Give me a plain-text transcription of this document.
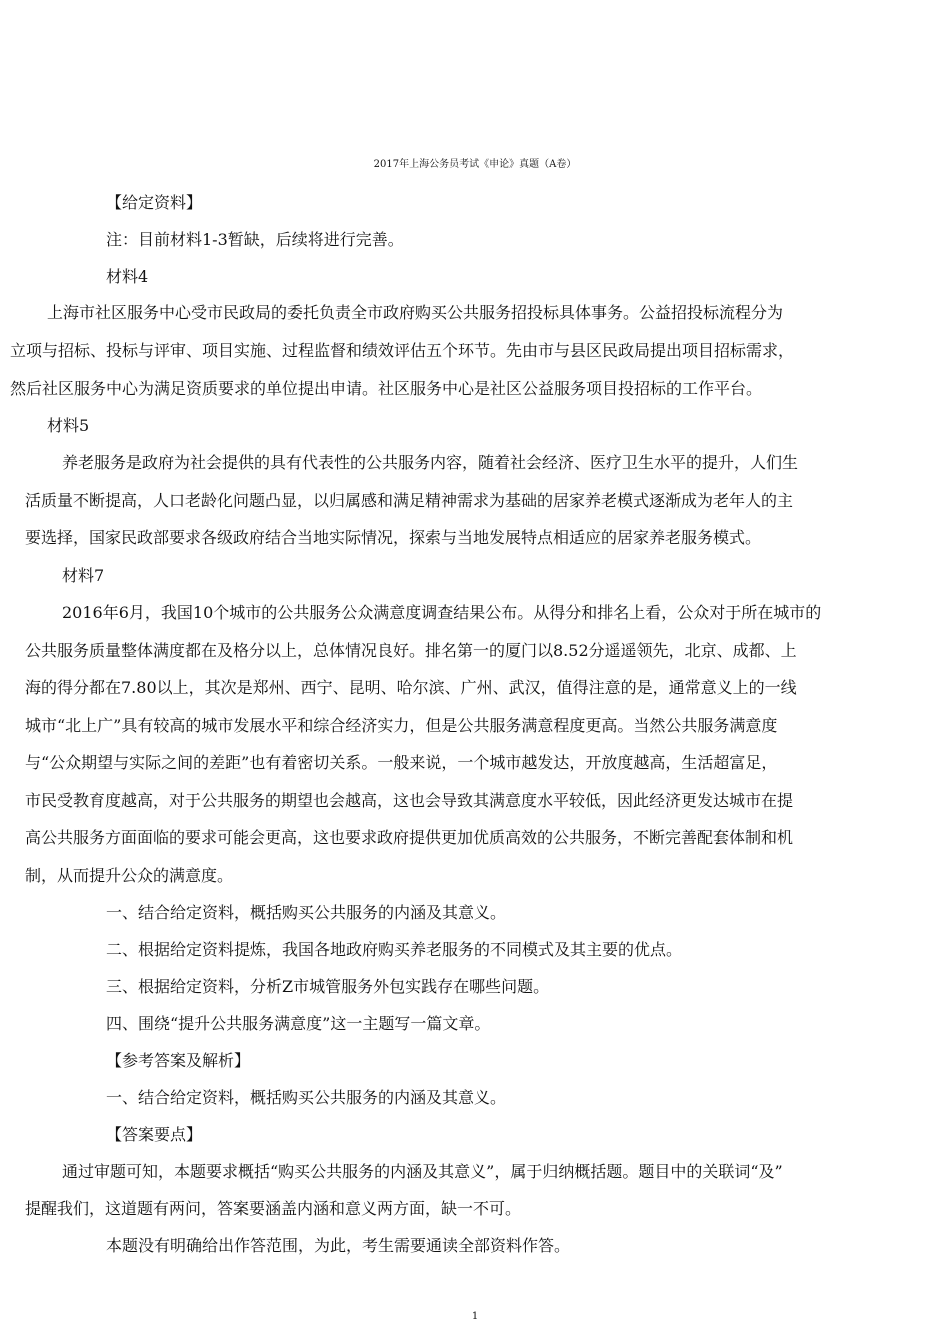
2017年上海公务员考试《申论》真题（A卷）
【给定资料】
注：目前材料1-3暂缺，后续将进行完善。
材料4
上海市社区服务中心受市民政局的委托负责全市政府购买公共服务招投标具体事务。公益招投标流程分为
立项与招标、投标与评审、项目实施、过程监督和绩效评估五个环节。先由市与县区民政局提出项目招标需求，
然后社区服务中心为满足资质要求的单位提出申请。社区服务中心是社区公益服务项目投招标的工作平台。
材料5
养老服务是政府为社会提供的具有代表性的公共服务内容，随着社会经济、医疗卫生水平的提升，人们生
活质量不断提高，人口老龄化问题凸显，以归属感和满足精神需求为基础的居家养老模式逐渐成为老年人的主
要选择，国家民政部要求各级政府结合当地实际情况，探索与当地发展特点相适应的居家养老服务模式。
材料7
2016年6月，我国10个城市的公共服务公众满意度调查结果公布。从得分和排名上看，公众对于所在城市的
公共服务质量整体满度都在及格分以上，总体情况良好。排名第一的厦门以8.52分遥遥领先，北京、成都、上
海的得分都在7.80以上，其次是郑州、西宁、昆明、哈尔滨、广州、武汉，值得注意的是，通常意义上的一线
城市“北上广”具有较高的城市发展水平和综合经济实力，但是公共服务满意程度更高。当然公共服务满意度
与“公众期望与实际之间的差距”也有着密切关系。一般来说，一个城市越发达，开放度越高，生活超富足，
市民受教育度越高，对于公共服务的期望也会越高，这也会导致其满意度水平较低，因此经济更发达城市在提
高公共服务方面面临的要求可能会更高，这也要求政府提供更加优质高效的公共服务，不断完善配套体制和机
制，从而提升公众的满意度。
一、结合给定资料，概括购买公共服务的内涵及其意义。
二、根据给定资料提炼，我国各地政府购买养老服务的不同模式及其主要的优点。
三、根据给定资料，分析Z市城管服务外包实践存在哪些问题。
四、围绕“提升公共服务满意度”这一主题写一篇文章。
【参考答案及解析】
一、结合给定资料，概括购买公共服务的内涵及其意义。
【答案要点】
通过审题可知，本题要求概括“购买公共服务的内涵及其意义”，属于归纳概括题。题目中的关联词“及”
提醒我们，这道题有两问，答案要涵盖内涵和意义两方面，缺一不可。
本题没有明确给出作答范围，为此，考生需要通读全部资料作答。
1
